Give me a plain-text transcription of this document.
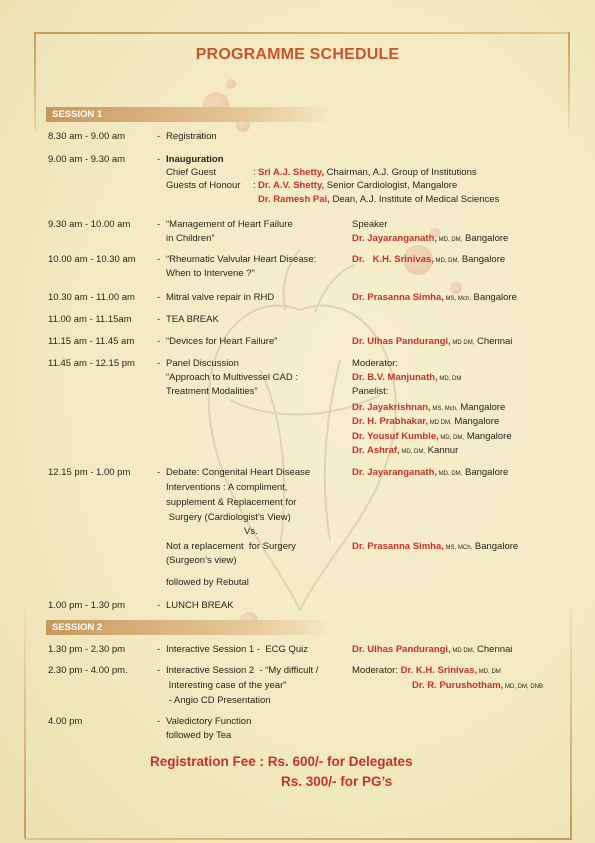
PROGRAMME SCHEDULE
SESSION 1
8.30 am - 9.00 am	- Registration
9.00 am - 9.30 am	- Inauguration
Chief Guest	: Sri A.J. Shetty, Chairman, A.J. Group of Institutions
Guests of Honour : Dr. A.V. Shetty, Senior Cardiologist, Mangalore
Dr. Ramesh Pai, Dean, A.J. Institute of Medical Sciences
9.30 am - 10.00 am	- “Management of Heart Failure	Speaker
in Children”	Dr. Jayaranganath, MD, DM, Bangalore
10.00 am - 10.30 am - “Rheumatic Valvular Heart Disease:	Dr.   K.H. Srinivas, MD, DM, Bangalore
When to Intervene ?”
10.30 am - 11.00 am - Mitral valve repair in RHD	Dr. Prasanna Simha, MS, Mch, Bangalore
11.00 am - 11.15am	- TEA BREAK
11.15 am - 11.45 am - “Devices for Heart Failure”	Dr. Ulhas Pandurangi, MD DM, Chennai
11.45 am - 12.15 pm - Panel Discussion	Moderator:
“Approach to Multivessel CAD :	Dr. B.V. Manjunath, MD, DM
Treatment Modalities”	Panelist:
Dr. Jayakrishnan, MS, Mch, Mangalore
Dr. H. Prabhakar, MD DM, Mangalore
Dr. Yousuf Kumble, MD, DM, Mangalore
Dr. Ashraf, MD, DM, Kannur
12.15 pm - 1.00 pm	- Debate: Congenital Heart Disease	Dr. Jayaranganath, MD, DM, Bangalore
Interventions : A compliment,
supplement & Replacement for
Surgery (Cardiologist’s View)
Vs.
Not a replacement  for Surgery	Dr. Prasanna Simha, MS, MCh, Bangalore
(Surgeon’s view)
followed by Rebutal
1.00 pm - 1.30 pm	- LUNCH BREAK
SESSION 2
1.30 pm - 2.30 pm	- Interactive Session 1 -  ECG Quiz	Dr. Ulhas Pandurangi, MD DM, Chennai
2.30 pm - 4.00 pm.	- Interactive Session 2  - “My difficult /	Moderator: Dr. K.H. Srinivas, MD, DM
Interesting case of the year”	Dr. R. Purushotham, MD, DM, DNB
- Angio CD Presentation
4.00 pm	- Valedictory Function
followed by Tea
Registration Fee : Rs. 600/- for Delegates
Rs. 300/- for PG’s
